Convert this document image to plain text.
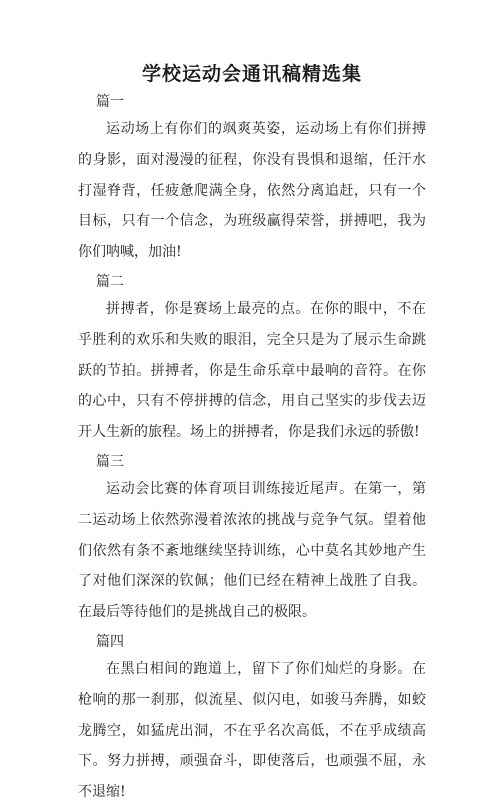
学校运动会通讯稿精选集
篇一

运动场上有你们的飒爽英姿，运动场上有你们拼搏的身影，面对漫漫的征程，你没有畏惧和退缩，任汗水打湿脊背，任疲惫爬满全身，依然分离追赶，只有一个目标，只有一个信念，为班级赢得荣誉，拼搏吧，我为你们呐喊，加油!

篇二

拼搏者，你是赛场上最亮的点。在你的眼中，不在乎胜利的欢乐和失败的眼泪，完全只是为了展示生命跳跃的节拍。拼搏者，你是生命乐章中最响的音符。在你的心中，只有不停拼搏的信念，用自己坚实的步伐去迈开人生新的旅程。场上的拼搏者，你是我们永远的骄傲!

篇三

运动会比赛的体育项目训练接近尾声。在第一，第二运动场上依然弥漫着浓浓的挑战与竞争气氛。望着他们依然有条不紊地继续坚持训练，心中莫名其妙地产生了对他们深深的钦佩；他们已经在精神上战胜了自我。在最后等待他们的是挑战自己的极限。

篇四

在黑白相间的跑道上，留下了你们灿烂的身影。在枪响的那一刹那，似流星、似闪电，如骏马奔腾，如蛟龙腾空，如猛虎出洞，不在乎名次高低，不在乎成绩高下。努力拼搏，顽强奋斗，即使落后，也顽强不屈，永不退缩!
